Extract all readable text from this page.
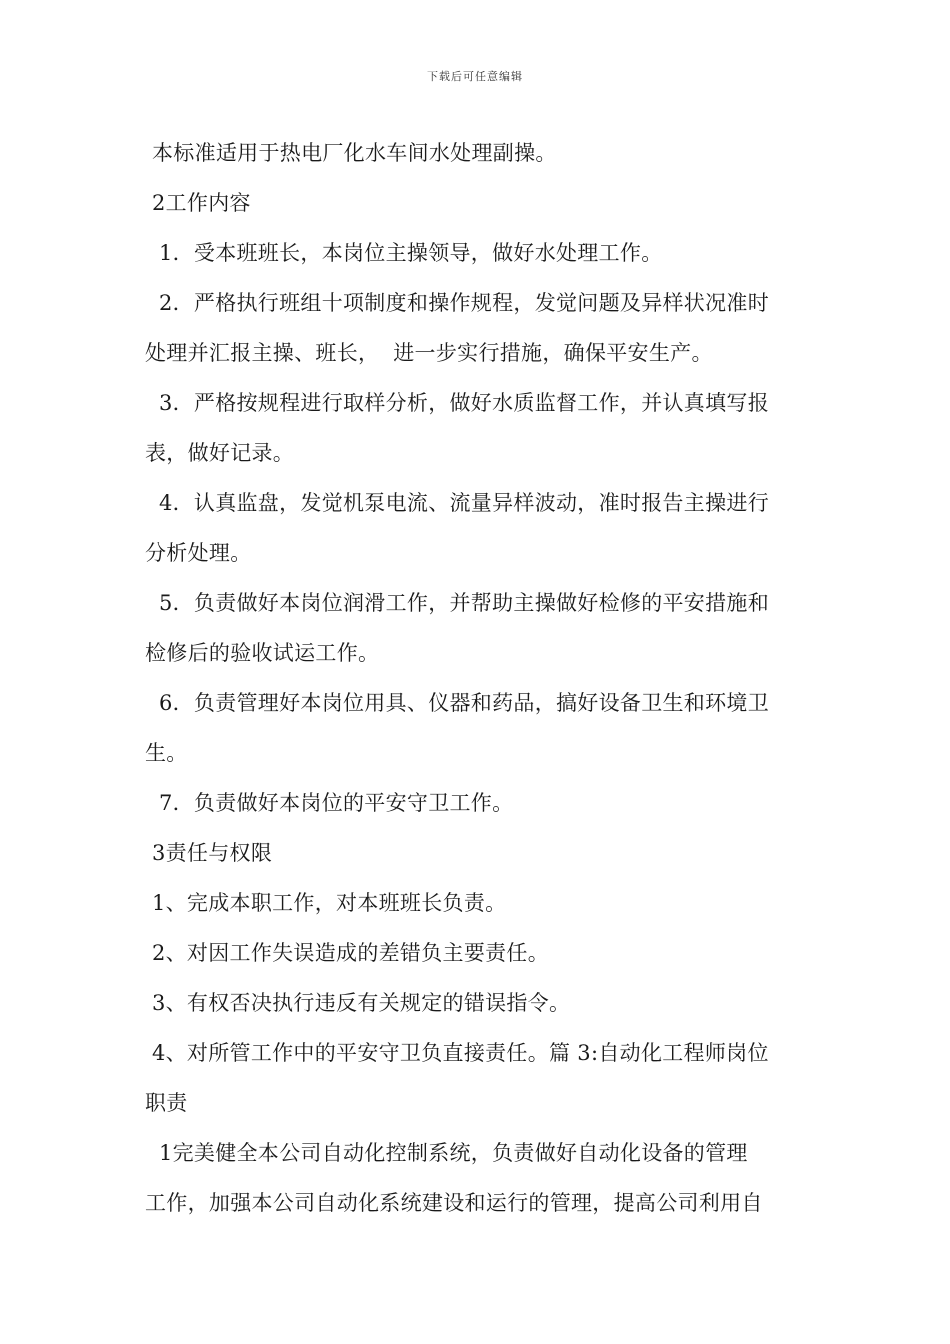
下载后可任意编辑
本标准适用于热电厂化水车间水处理副操。
2工作内容
1．受本班班长，本岗位主操领导，做好水处理工作。
2．严格执行班组十项制度和操作规程，发觉问题及异样状况准时
处理并汇报主操、班长，  进一步实行措施，确保平安生产。
3．严格按规程进行取样分析，做好水质监督工作，并认真填写报
表，做好记录。
4．认真监盘，发觉机泵电流、流量异样波动，准时报告主操进行
分析处理。
5．负责做好本岗位润滑工作，并帮助主操做好检修的平安措施和
检修后的验收试运工作。
6．负责管理好本岗位用具、仪器和药品，搞好设备卫生和环境卫
生。
7．负责做好本岗位的平安守卫工作。
3责任与权限
1、完成本职工作，对本班班长负责。
2、对因工作失误造成的差错负主要责任。
3、有权否决执行违反有关规定的错误指令。
4、对所管工作中的平安守卫负直接责任。篇 3:自动化工程师岗位
职责
1完美健全本公司自动化控制系统，负责做好自动化设备的管理
工作，加强本公司自动化系统建设和运行的管理，提高公司利用自
